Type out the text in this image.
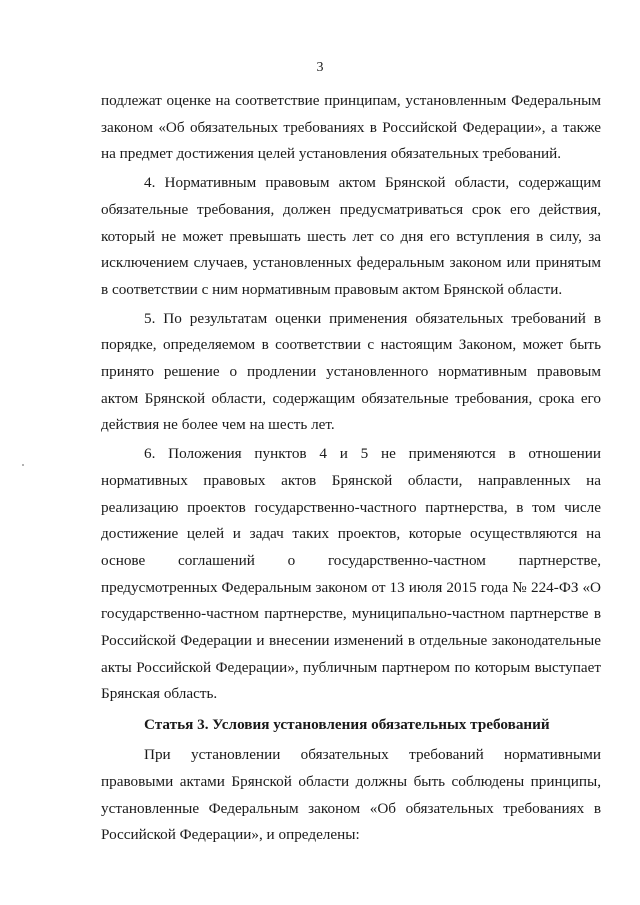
3

подлежат оценке на соответствие принципам, установленным Федеральным законом «Об обязательных требованиях в Российской Федерации», а также на предмет достижения целей установления обязательных требований.

4. Нормативным правовым актом Брянской области, содержащим обязательные требования, должен предусматриваться срок его действия, который не может превышать шесть лет со дня его вступления в силу, за исключением случаев, установленных федеральным законом или принятым в соответствии с ним нормативным правовым актом Брянской области.

5. По результатам оценки применения обязательных требований в порядке, определяемом в соответствии с настоящим Законом, может быть принято решение о продлении установленного нормативным правовым актом Брянской области, содержащим обязательные требования, срока его действия не более чем на шесть лет.

6. Положения пунктов 4 и 5 не применяются в отношении нормативных правовых актов Брянской области, направленных на реализацию проектов государственно-частного партнерства, в том числе достижение целей и задач таких проектов, которые осуществляются на основе соглашений о государственно-частном партнерстве, предусмотренных Федеральным законом от 13 июля 2015 года № 224-ФЗ «О государственно-частном партнерстве, муниципально-частном партнерстве в Российской Федерации и внесении изменений в отдельные законодательные акты Российской Федерации», публичным партнером по которым выступает Брянская область.

Статья 3. Условия установления обязательных требований

При установлении обязательных требований нормативными правовыми актами Брянской области должны быть соблюдены принципы, установленные Федеральным законом «Об обязательных требованиях в Российской Федерации», и определены:
